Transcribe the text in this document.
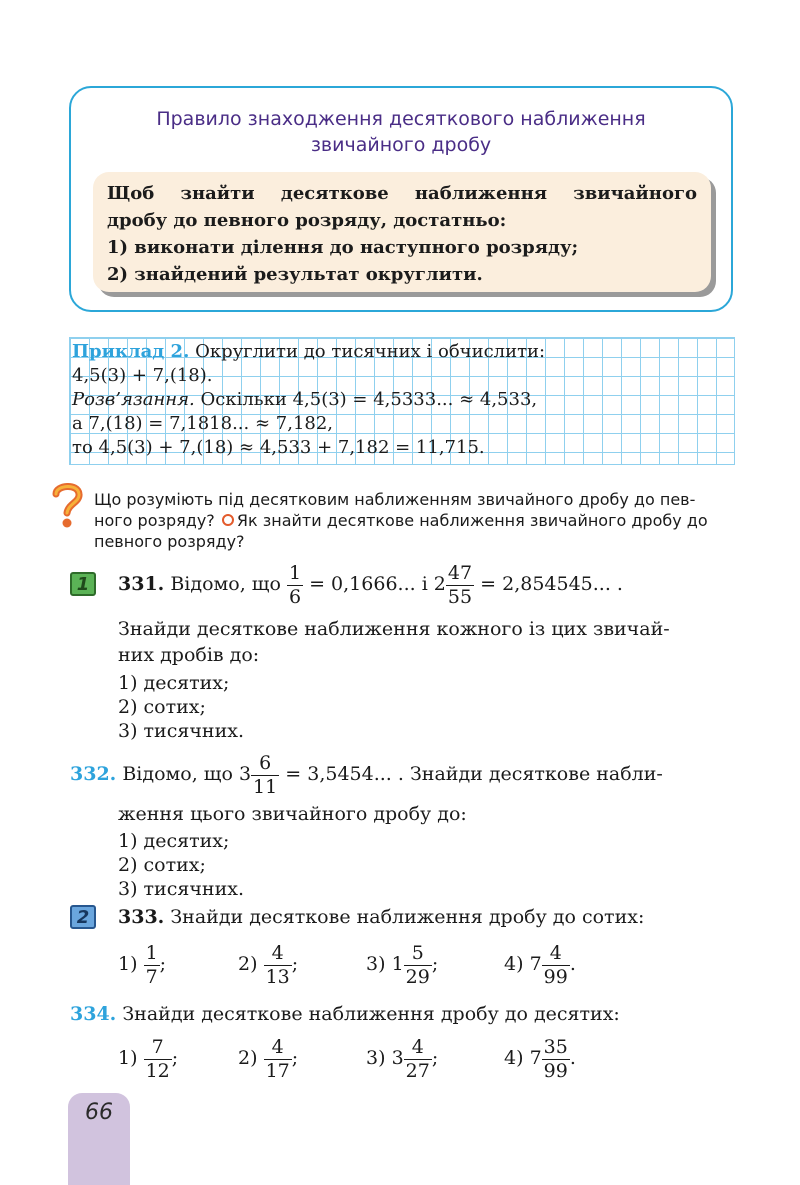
Правило знаходження десяткового наближення
звичайного дробу

Щоб знайти десяткове наближення звичайного

дробу до певного розряду, достатньо:

1) виконати ділення до наступного розряду;

2) знайдений результат округлити.

Приклад 2. Округлити до тисячних і обчислити:
4,5(3) + 7,(18).
Розв’язання. Оскільки 4,5(3) = 4,5333... ≈ 4,533,
а 7,(18) = 7,1818... ≈ 7,182,
то 4,5(3) + 7,(18) ≈ 4,533 + 7,182 = 11,715.
Що розуміють під десятковим наближенням звичайного дробу до пев-
ного розряду? Як знайти десяткове наближення звичайного дробу до
певного розряду?
1	331. Відомо, що $\frac{1}{6} = 0,1666$... і $2 \frac{47}{55} = 2,854545$... .
Знайди десяткове наближення кожного із цих звичай-
них дробів до:
1) десятих;
2) сотих;
3) тисячних.
332. Відомо, що $3 \frac{6}{11} = 3,5454$... . Знайди десяткове набли-
ження цього звичайного дробу до:
1) десятих;
2) сотих;
3) тисячних.
2	333. Знайди десяткове наближення дробу до сотих:
$1) \frac{1}{7}$ ;	$2) \frac{4}{13}$ ;	3) $1 \frac{5}{29}$ ;	4) $7 \frac{4}{99}$ .
334. Знайди десяткове наближення дробу до десятих:
$1) \frac{7}{12}$ ;	$2) \frac{4}{17}$ ;	3) $3 \frac{4}{27}$ ;	4) $7 \frac{35}{99}$ .
66
